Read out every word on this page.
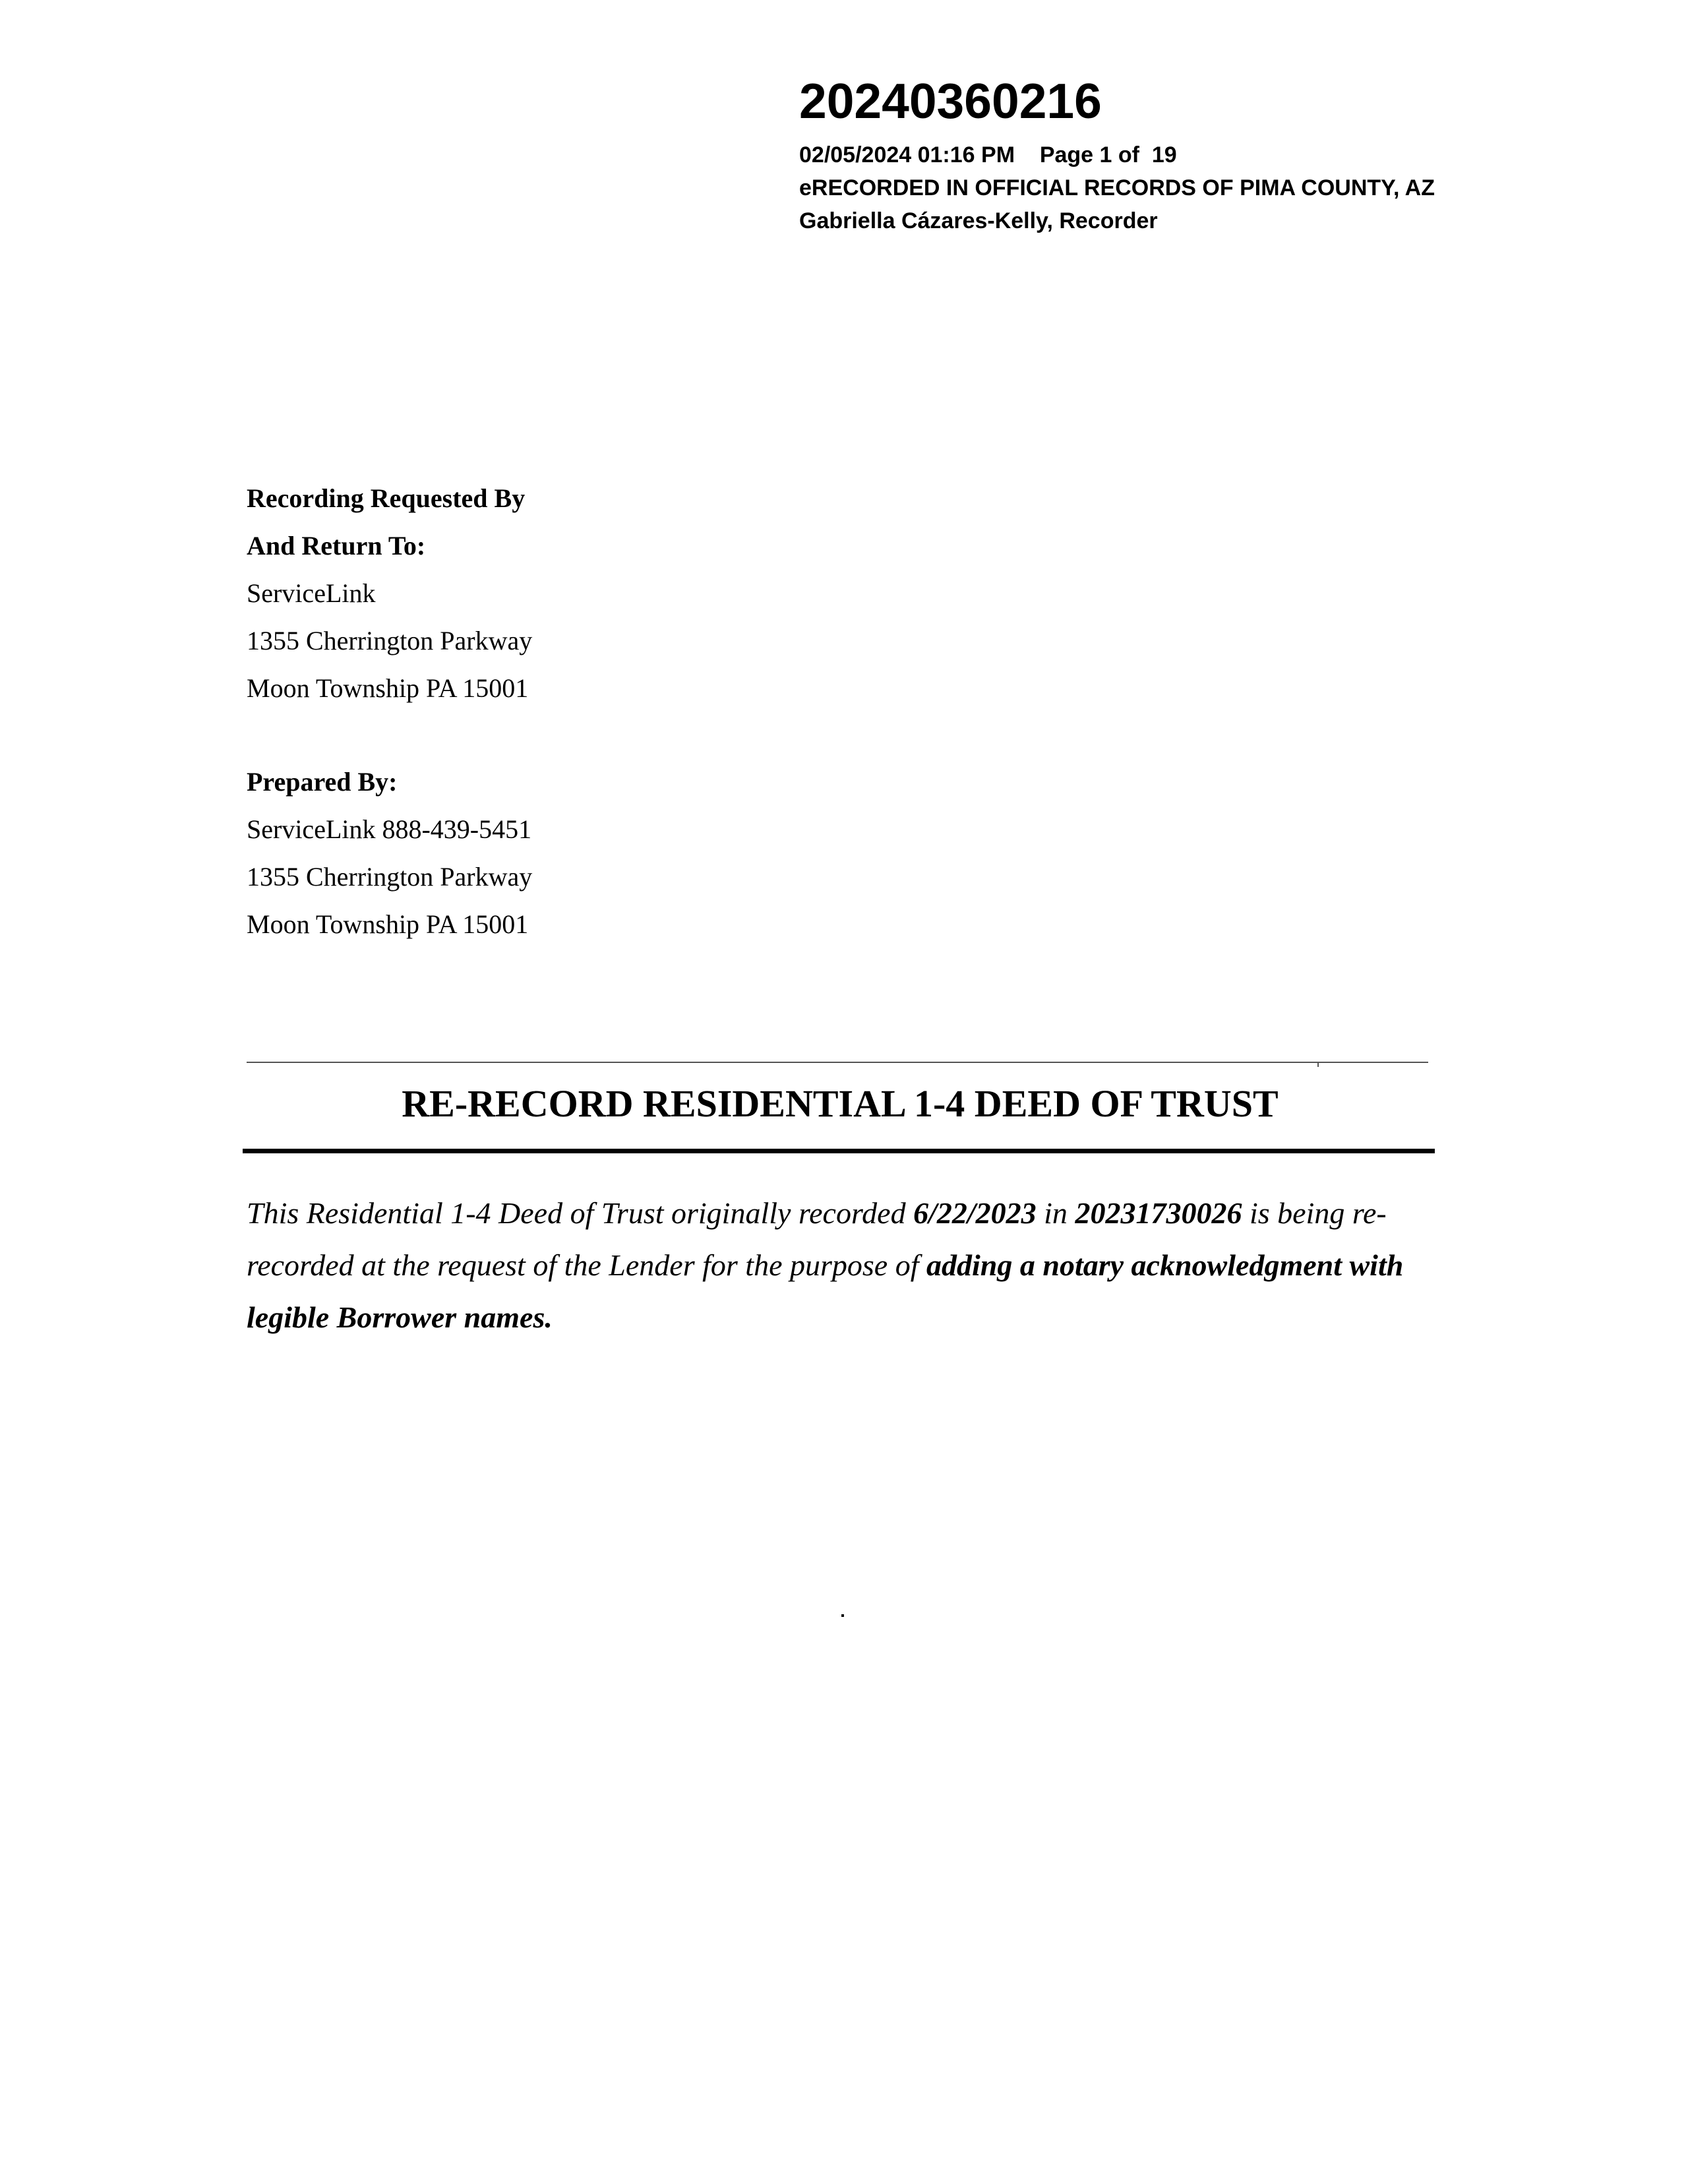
20240360216
02/05/2024 01:16 PM Page 1 of  19
eRECORDED IN OFFICIAL RECORDS OF PIMA COUNTY, AZ
Gabriella Cázares-Kelly, Recorder
Recording Requested By
And Return To:
ServiceLink
1355 Cherrington Parkway
Moon Township PA 15001
Prepared By:
ServiceLink 888-439-5451
1355 Cherrington Parkway
Moon Township PA 15001
RE-RECORD RESIDENTIAL 1-4 DEED OF TRUST
This Residential 1-4 Deed of Trust originally recorded 6/22/2023 in 20231730026 is being re-recorded at the request of the Lender for the purpose of adding a notary acknowledgment with legible Borrower names.
